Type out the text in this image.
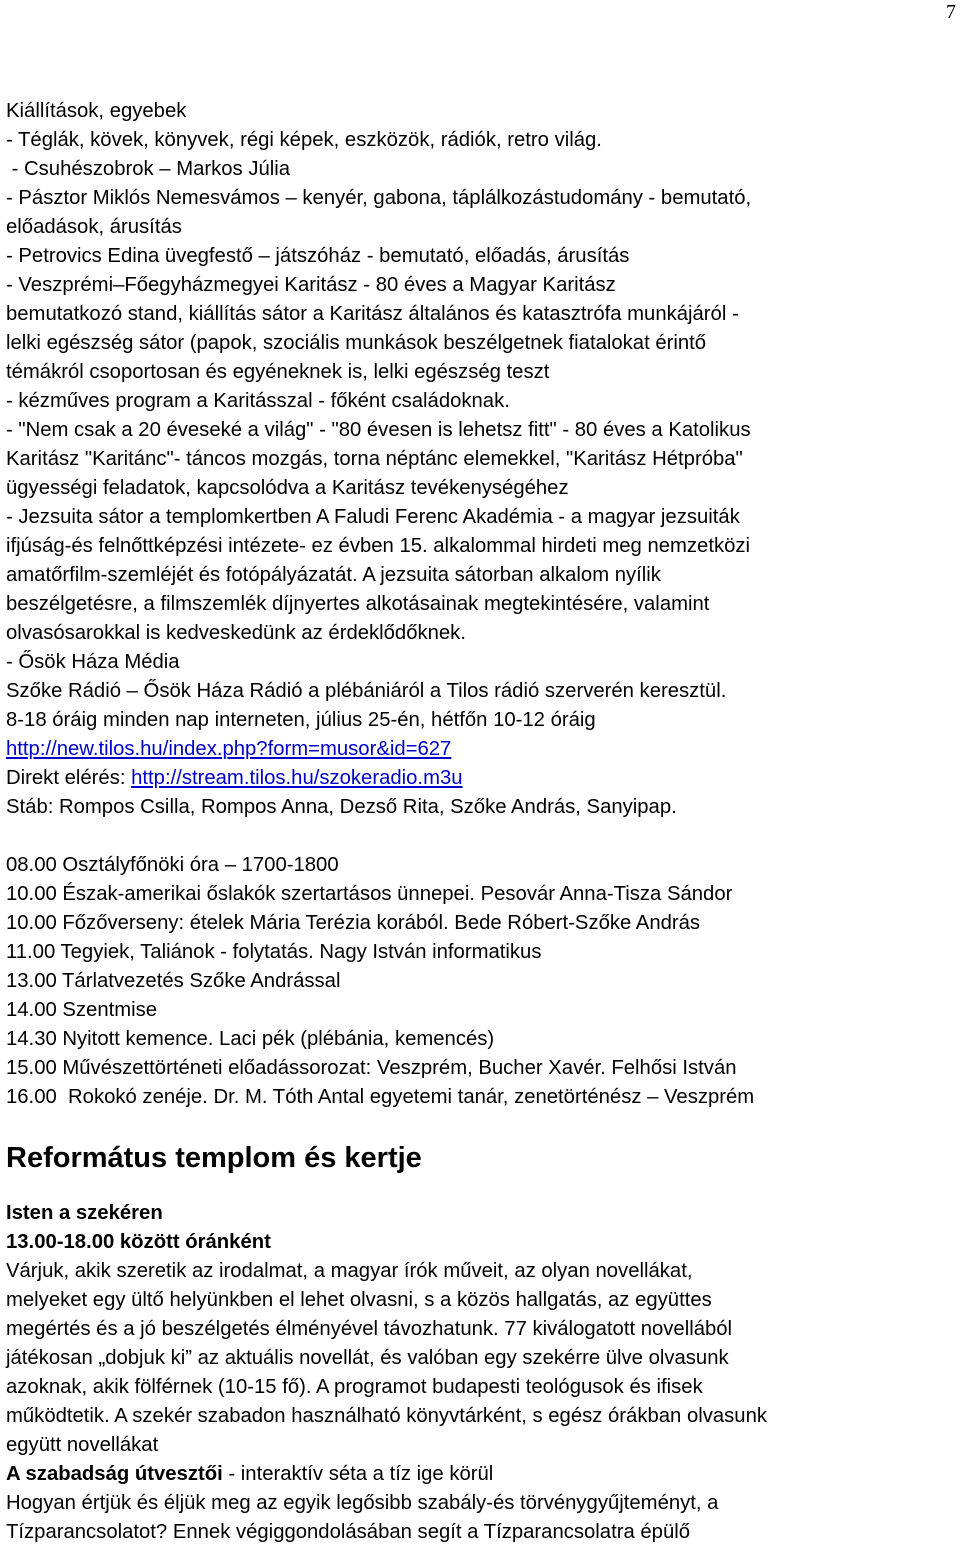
7
Kiállítások, egyebek
- Téglák, kövek, könyvek, régi képek, eszközök, rádiók, retro világ.
- Csuhészobrok – Markos Júlia
- Pásztor Miklós Nemesvámos – kenyér, gabona, táplálkozástudomány - bemutató,
előadások, árusítás
- Petrovics Edina üvegfestő – játszóház - bemutató, előadás, árusítás
- Veszprémi–Főegyházmegyei Karitász - 80 éves a Magyar Karitász
bemutatkozó stand, kiállítás sátor a Karitász általános és katasztrófa munkájáról -
lelki egészség sátor (papok, szociális munkások beszélgetnek fiatalokat érintő
témákról csoportosan és egyéneknek is, lelki egészség teszt
- kézműves program a Karitásszal - főként családoknak.
- "Nem csak a 20 éveseké a világ" - "80 évesen is lehetsz fitt" - 80 éves a Katolikus
Karitász "Karitánc"- táncos mozgás, torna néptánc elemekkel, "Karitász Hétpróba"
ügyességi feladatok, kapcsolódva a Karitász tevékenységéhez
- Jezsuita sátor a templomkertben A Faludi Ferenc Akadémia - a magyar jezsuiták
ifjúság-és felnőttképzési intézete- ez évben 15. alkalommal hirdeti meg nemzetközi
amatőrfilm-szemléjét és fotópályázatát. A jezsuita sátorban alkalom nyílik
beszélgetésre, a filmszemlék díjnyertes alkotásainak megtekintésére, valamint
olvasósarokkal is kedveskedünk az érdeklődőknek.
- Ősök Háza Média
Szőke Rádió – Ősök Háza Rádió a plébániáról a Tilos rádió szerverén keresztül.
8-18 óráig minden nap interneten, július 25-én, hétfőn 10-12 óráig
http://new.tilos.hu/index.php?form=musor&id=627
Direkt elérés: http://stream.tilos.hu/szokeradio.m3u
Stáb: Rompos Csilla, Rompos Anna, Dezső Rita, Szőke András, Sanyipap.
08.00 Osztályfőnöki óra – 1700-1800
10.00 Észak-amerikai őslakók szertartásos ünnepei. Pesovár Anna-Tisza Sándor
10.00 Főzőverseny: ételek Mária Terézia korából. Bede Róbert-Szőke András
11.00 Tegyiek, Taliánok - folytatás. Nagy István informatikus
13.00 Tárlatvezetés Szőke Andrással
14.00 Szentmise
14.30 Nyitott kemence. Laci pék (plébánia, kemencés)
15.00 Művészettörténeti előadássorozat: Veszprém, Bucher Xavér. Felhősi István
16.00  Rokokó zenéje. Dr. M. Tóth Antal egyetemi tanár, zenetörténész – Veszprém
Református templom és kertje
Isten a szekéren
13.00-18.00 között óránként
Várjuk, akik szeretik az irodalmat, a magyar írók műveit, az olyan novellákat,
melyeket egy ültő helyünkben el lehet olvasni, s a közös hallgatás, az együttes
megértés és a jó beszélgetés élményével távozhatunk. 77 kiválogatott novellából
játékosan „dobjuk ki” az aktuális novellát, és valóban egy szekérre ülve olvasunk
azoknak, akik fölférnek (10-15 fő). A programot budapesti teológusok és ifisek
működtetik. A szekér szabadon használható könyvtárként, s egész órákban olvasunk
együtt novellákat
A szabadság útvesztői - interaktív séta a tíz ige körül
Hogyan értjük és éljük meg az egyik legősibb szabály-és törvénygyűjteményt, a
Tízparancsolatot? Ennek végiggondolásában segít a Tízparancsolatra épülő
